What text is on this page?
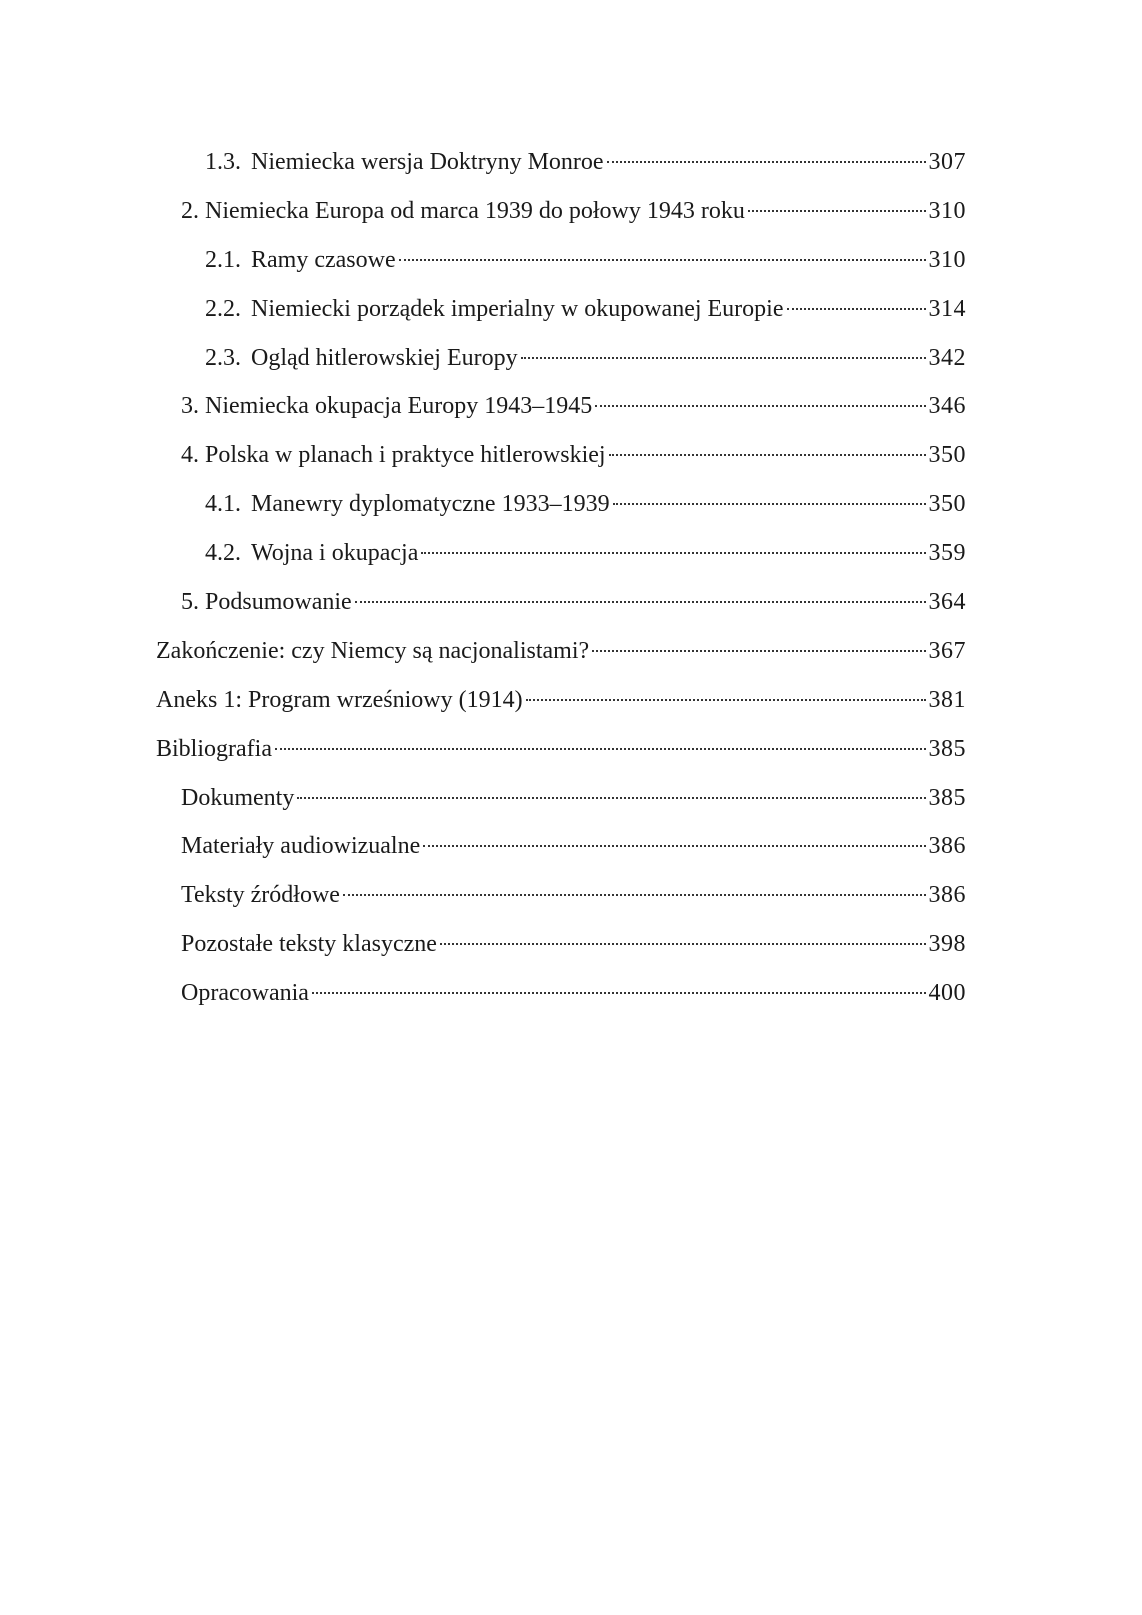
1.3. Niemiecka wersja Doktryny Monroe	307
2. Niemiecka Europa od marca 1939 do połowy 1943 roku	310
2.1. Ramy czasowe	310
2.2. Niemiecki porządek imperialny w okupowanej Europie	314
2.3. Ogląd hitlerowskiej Europy	342
3. Niemiecka okupacja Europy 1943–1945	346
4. Polska w planach i praktyce hitlerowskiej	350
4.1. Manewry dyplomatyczne 1933–1939	350
4.2. Wojna i okupacja	359
5. Podsumowanie	364
Zakończenie: czy Niemcy są nacjonalistami?	367
Aneks 1: Program wrześniowy (1914)	381
Bibliografia	385
Dokumenty	385
Materiały audiowizualne	386
Teksty źródłowe	386
Pozostałe teksty klasyczne	398
Opracowania	400
